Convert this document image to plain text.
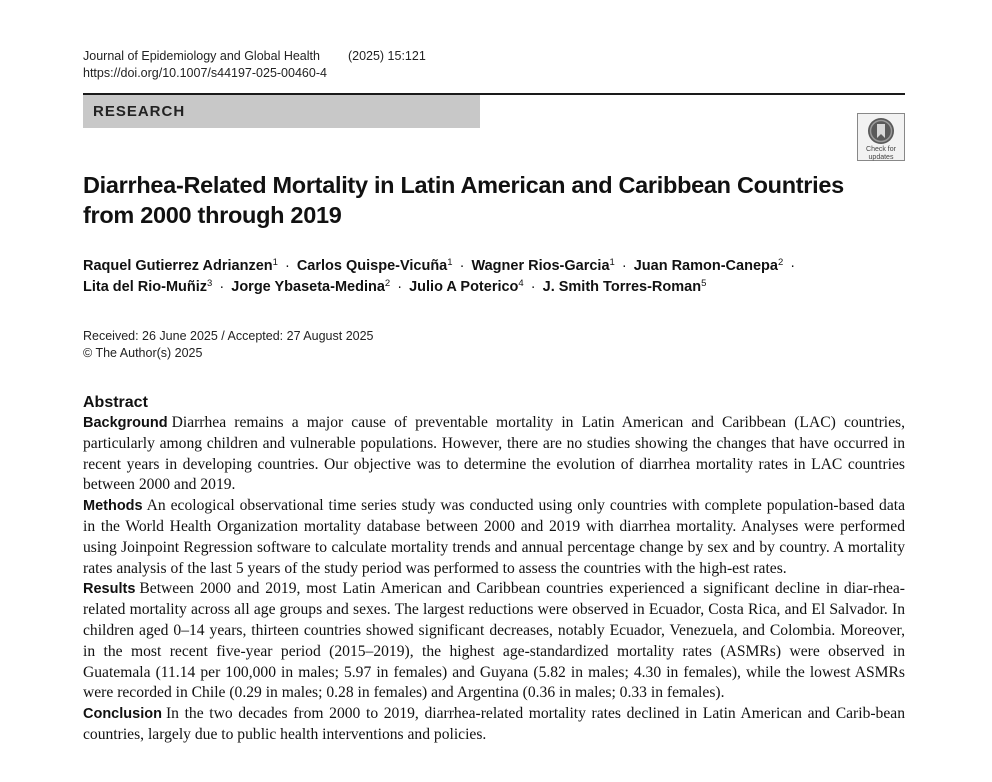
Journal of Epidemiology and Global Health (2025) 15:121
https://doi.org/10.1007/s44197-025-00460-4
RESEARCH
Check for updates
Diarrhea-Related Mortality in Latin American and Caribbean Countries from 2000 through 2019
Raquel Gutierrez Adrianzen$^1$ · Carlos Quispe-Vicuña$^1$ · Wagner Rios-Garcia$^1$ · Juan Ramon-Canepa$^2$ ·
Lita del Rio-Muñiz$^3$ · Jorge Ybaseta-Medina$^2$ · Julio A Poterico$^4$ · J. Smith Torres-Roman$^5$
Received: 26 June 2025 / Accepted: 27 August 2025
© The Author(s) 2025
Abstract

Background Diarrhea remains a major cause of preventable mortality in Latin American and Caribbean (LAC) countries, particularly among children and vulnerable populations. However, there are no studies showing the changes that have occurred in recent years in developing countries. Our objective was to determine the evolution of diarrhea mortality rates in LAC countries between 2000 and 2019.

Methods An ecological observational time series study was conducted using only countries with complete population-based data in the World Health Organization mortality database between 2000 and 2019 with diarrhea mortality. Analyses were performed using Joinpoint Regression software to calculate mortality trends and annual percentage change by sex and by country. A mortality rates analysis of the last 5 years of the study period was performed to assess the countries with the high-est rates.

Results Between 2000 and 2019, most Latin American and Caribbean countries experienced a significant decline in diar-rhea-related mortality across all age groups and sexes. The largest reductions were observed in Ecuador, Costa Rica, and El Salvador. In children aged 0–14 years, thirteen countries showed significant decreases, notably Ecuador, Venezuela, and Colombia. Moreover, in the most recent five-year period (2015–2019), the highest age-standardized mortality rates (ASMRs) were observed in Guatemala (11.14 per 100,000 in males; 5.97 in females) and Guyana (5.82 in males; 4.30 in females), while the lowest ASMRs were recorded in Chile (0.29 in males; 0.28 in females) and Argentina (0.36 in males; 0.33 in females).

Conclusion In the two decades from 2000 to 2019, diarrhea-related mortality rates declined in Latin American and Carib-bean countries, largely due to public health interventions and policies.
